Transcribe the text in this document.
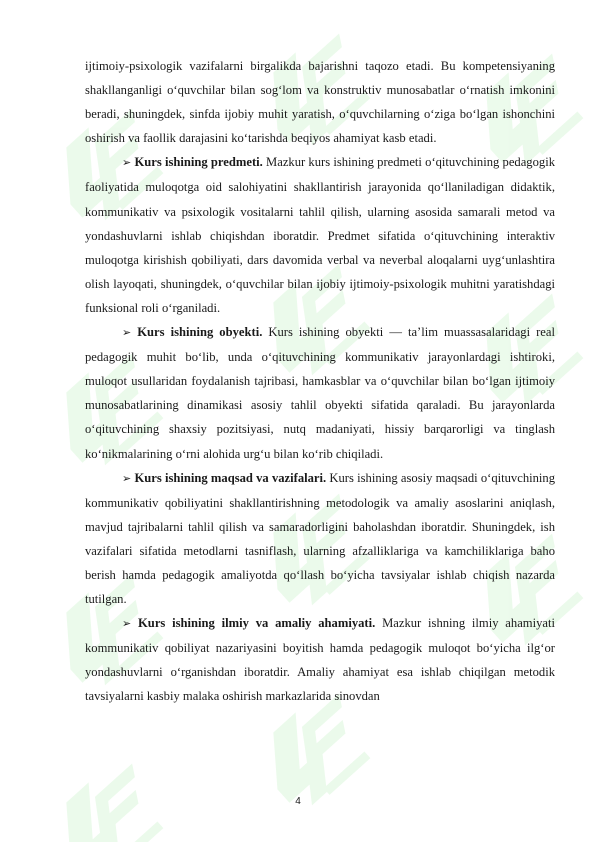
ijtimoiy-psixologik vazifalarni birgalikda bajarishni taqozo etadi. Bu kompetensiyaning shakllanganligi o‘quvchilar bilan sog‘lom va konstruktiv munosabatlar o‘rnatish imkonini beradi, shuningdek, sinfda ijobiy muhit yaratish, o‘quvchilarning o‘ziga bo‘lgan ishonchini oshirish va faollik darajasini ko‘tarishda beqiyos ahamiyat kasb etadi.

➢ Kurs ishining predmeti. Mazkur kurs ishining predmeti o‘qituvchining pedagogik faoliyatida muloqotga oid salohiyatini shakllantirish jarayonida qo‘llaniladigan didaktik, kommunikativ va psixologik vositalarni tahlil qilish, ularning asosida samarali metod va yondashuvlarni ishlab chiqishdan iboratdir. Predmet sifatida o‘qituvchining interaktiv muloqotga kirishish qobiliyati, dars davomida verbal va neverbal aloqalarni uyg‘unlashtira olish layoqati, shuningdek, o‘quvchilar bilan ijobiy ijtimoiy-psixologik muhitni yaratishdagi funksional roli o‘rganiladi.

➢ Kurs ishining obyekti. Kurs ishining obyekti — ta’lim muassasalaridagi real pedagogik muhit bo‘lib, unda o‘qituvchining kommunikativ jarayonlardagi ishtiroki, muloqot usullaridan foydalanish tajribasi, hamkasblar va o‘quvchilar bilan bo‘lgan ijtimoiy munosabatlarining dinamikasi asosiy tahlil obyekti sifatida qaraladi. Bu jarayonlarda o‘qituvchining shaxsiy pozitsiyasi, nutq madaniyati, hissiy barqarorligi va tinglash ko‘nikmalarining o‘rni alohida urg‘u bilan ko‘rib chiqiladi.

➢ Kurs ishining maqsad va vazifalari. Kurs ishining asosiy maqsadi o‘qituvchining kommunikativ qobiliyatini shakllantirishning metodologik va amaliy asoslarini aniqlash, mavjud tajribalarni tahlil qilish va samaradorligini baholashdan iboratdir. Shuningdek, ish vazifalari sifatida metodlarni tasniflash, ularning afzalliklariga va kamchiliklariga baho berish hamda pedagogik amaliyotda qo‘llash bo‘yicha tavsiyalar ishlab chiqish nazarda tutilgan.

➢ Kurs ishining ilmiy va amaliy ahamiyati. Mazkur ishning ilmiy ahamiyati kommunikativ qobiliyat nazariyasini boyitish hamda pedagogik muloqot bo‘yicha ilg‘or yondashuvlarni o‘rganishdan iboratdir. Amaliy ahamiyat esa ishlab chiqilgan metodik tavsiyalarni kasbiy malaka oshirish markazlarida sinovdan

4
